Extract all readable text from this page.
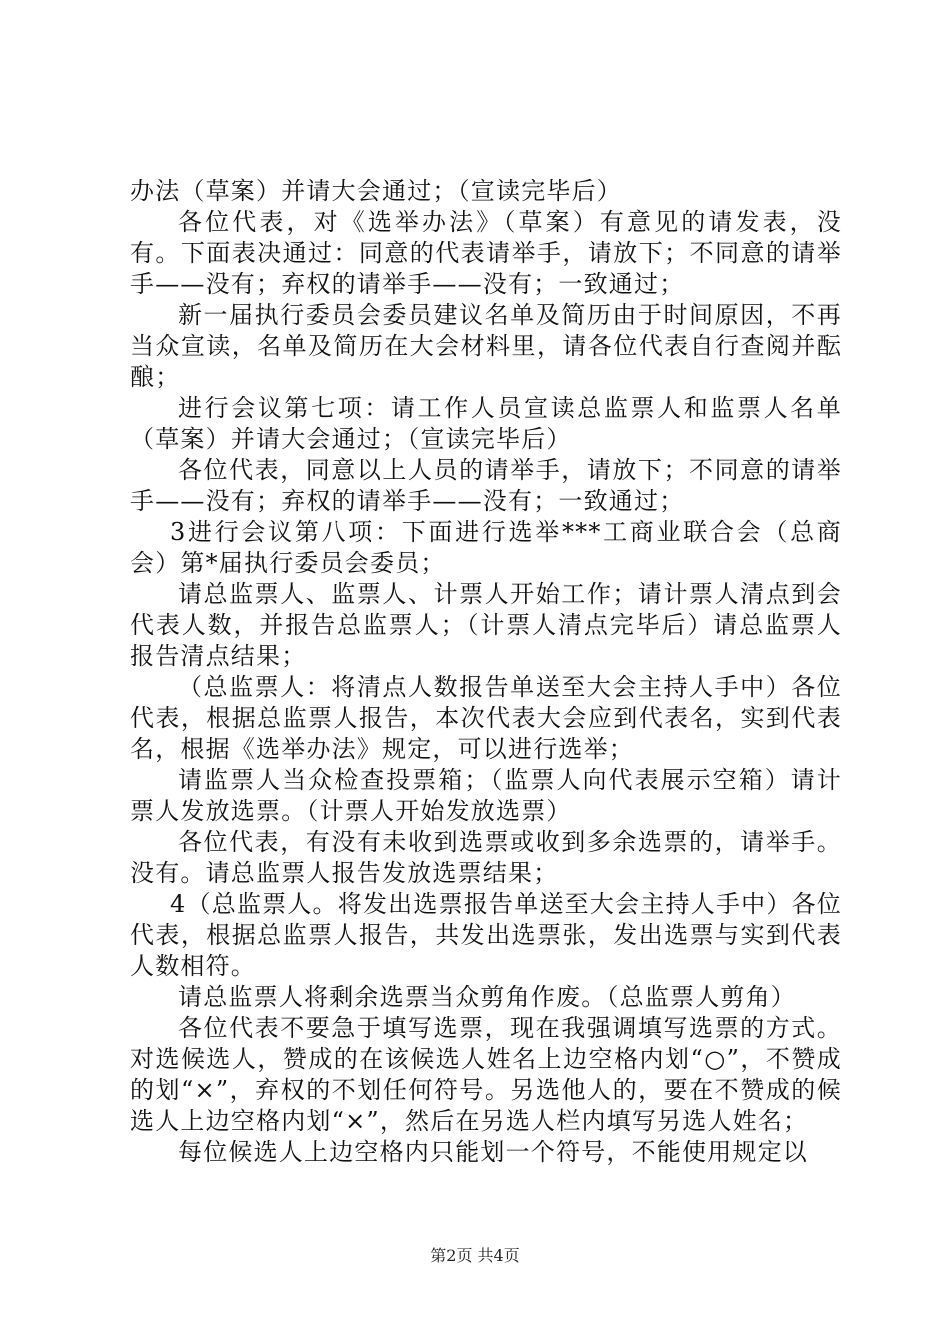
办法（草案）并请大会通过；（宣读完毕后）

各位代表，对《选举办法》（草案）有意见的请发表，没有。下面表决通过：同意的代表请举手，请放下；不同意的请举手——没有；弃权的请举手——没有；一致通过；

新一届执行委员会委员建议名单及简历由于时间原因，不再当众宣读，名单及简历在大会材料里，请各位代表自行查阅并酝酿；

进行会议第七项：请工作人员宣读总监票人和监票人名单（草案）并请大会通过；（宣读完毕后）

各位代表，同意以上人员的请举手，请放下；不同意的请举手——没有；弃权的请举手——没有；一致通过；

3进行会议第八项：下面进行选举***工商业联合会（总商会）第*届执行委员会委员；

请总监票人、监票人、计票人开始工作；请计票人清点到会代表人数，并报告总监票人；（计票人清点完毕后）请总监票人报告清点结果；

（总监票人：将清点人数报告单送至大会主持人手中）各位代表，根据总监票人报告，本次代表大会应到代表名，实到代表名，根据《选举办法》规定，可以进行选举；

请监票人当众检查投票箱；（监票人向代表展示空箱）请计票人发放选票。（计票人开始发放选票）

各位代表，有没有未收到选票或收到多余选票的，请举手。没有。请总监票人报告发放选票结果；

4（总监票人。将发出选票报告单送至大会主持人手中）各位代表，根据总监票人报告，共发出选票张，发出选票与实到代表人数相符。

请总监票人将剩余选票当众剪角作废。（总监票人剪角）

各位代表不要急于填写选票，现在我强调填写选票的方式。对选候选人，赞成的在该候选人姓名上边空格内划“○”，不赞成的划“×”，弃权的不划任何符号。另选他人的，要在不赞成的候选人上边空格内划“×”，然后在另选人栏内填写另选人姓名；

每位候选人上边空格内只能划一个符号，不能使用规定以

第2页 共4页
